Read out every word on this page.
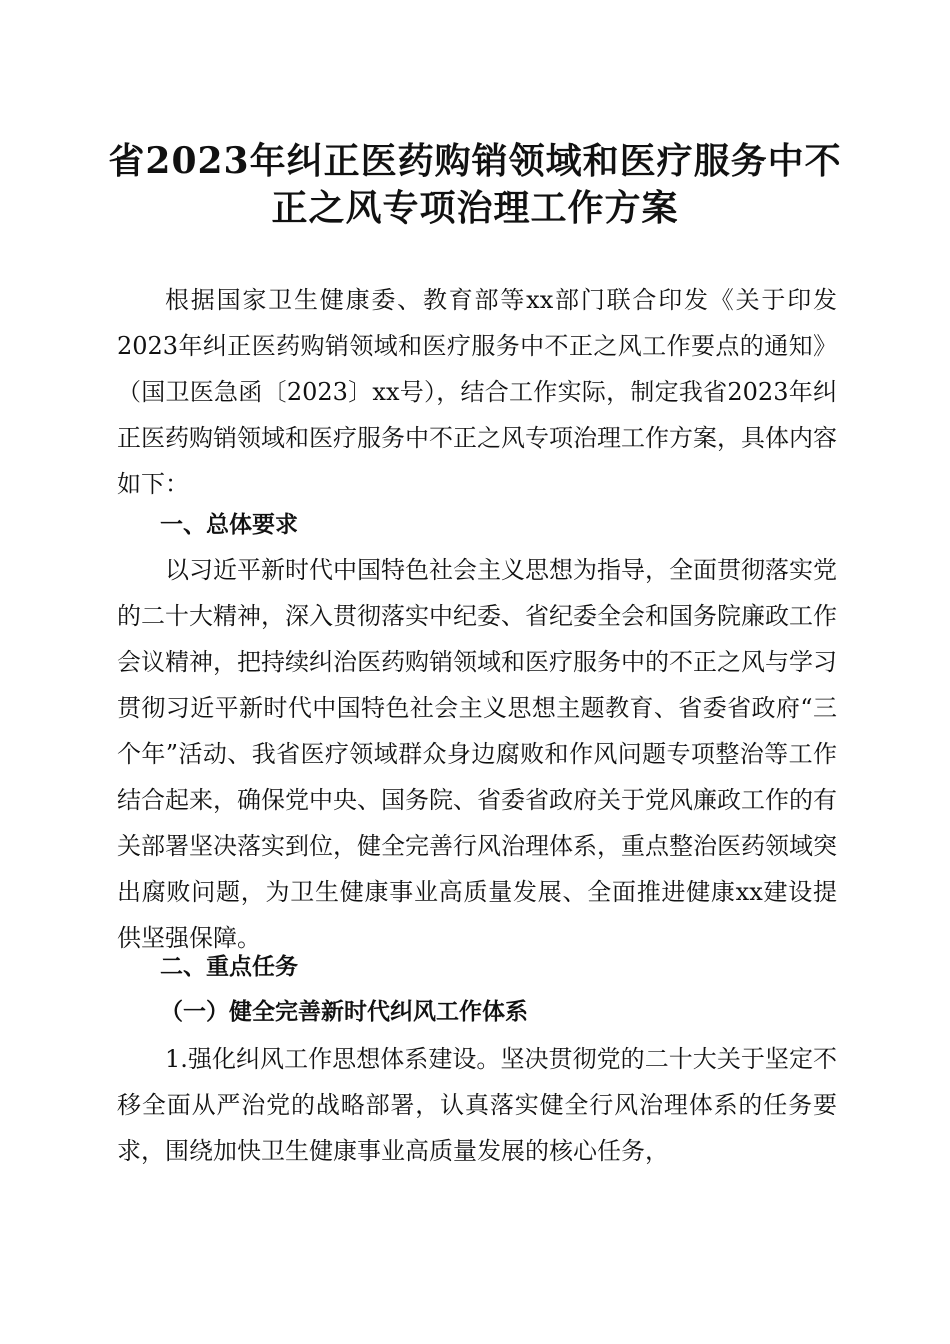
省2023年纠正医药购销领域和医疗服务中不
正之风专项治理工作方案

根据国家卫生健康委、教育部等xx部门联合印发《关于印发2023年纠正医药购销领域和医疗服务中不正之风工作要点的通知》（国卫医急函〔2023〕xx号），结合工作实际，制定我省2023年纠正医药购销领域和医疗服务中不正之风专项治理工作方案，具体内容如下：

一、总体要求

以习近平新时代中国特色社会主义思想为指导，全面贯彻落实党的二十大精神，深入贯彻落实中纪委、省纪委全会和国务院廉政工作会议精神，把持续纠治医药购销领域和医疗服务中的不正之风与学习贯彻习近平新时代中国特色社会主义思想主题教育、省委省政府“三个年”活动、我省医疗领域群众身边腐败和作风问题专项整治等工作结合起来，确保党中央、国务院、省委省政府关于党风廉政工作的有关部署坚决落实到位，健全完善行风治理体系，重点整治医药领域突出腐败问题，为卫生健康事业高质量发展、全面推进健康xx建设提供坚强保障。

二、重点任务
（一）健全完善新时代纠风工作体系

1.强化纠风工作思想体系建设。坚决贯彻党的二十大关于坚定不移全面从严治党的战略部署，认真落实健全行风治理体系的任务要求，围绕加快卫生健康事业高质量发展的核心任务，
